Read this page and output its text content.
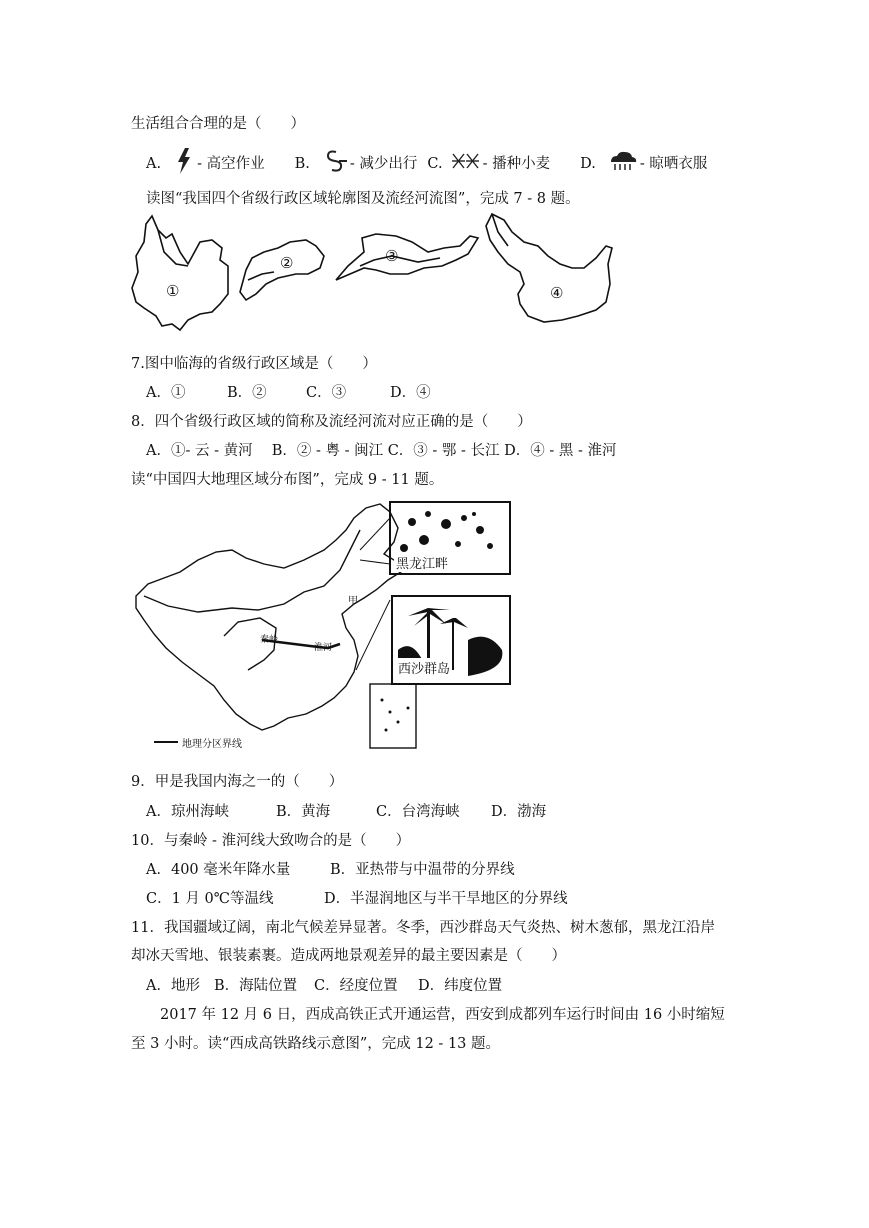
生活组合合理的是（　　）
A. - 高空作业 B.	- 减少出行 C.	- 播种小麦 D.	- 晾晒衣服
读图“我国四个省级行政区域轮廓图及流经河流图”，完成 7 - 8 题。
①
②	③
④
7.图中临海的省级行政区域是（　　）
A．①	B．②	C．③	D．④
8．四个省级行政区域的简称及流经河流对应正确的是（　　）
A．①- 云 - 黄河　 B．② - 粤 - 闽江 C．③ - 鄂 - 长江 D．④ - 黑 - 淮河
读“中国四大地理区域分布图”，完成 9 - 11 题。
黑龙江畔
西沙群岛
秦岭
淮河
甲
地理分区界线
9．甲是我国内海之一的（　　）
A．琼州海峡	B．黄海	C．台湾海峡	D．渤海
10．与秦岭 - 淮河线大致吻合的是（　　）
A．400 毫米年降水量	B．亚热带与中温带的分界线
C．1 月 0℃等温线	D．半湿润地区与半干旱地区的分界线
11．我国疆域辽阔，南北气候差异显著。冬季，西沙群岛天气炎热、树木葱郁，黑龙江沿岸
却冰天雪地、银装素裹。造成两地景观差异的最主要因素是（　　）
A．地形 B．海陆位置	C．经度位置	D．纬度位置
2017 年 12 月 6 日，西成高铁正式开通运营，西安到成都列车运行时间由 16 小时缩短
至 3 小时。读“西成高铁路线示意图”，完成 12 - 13 题。
